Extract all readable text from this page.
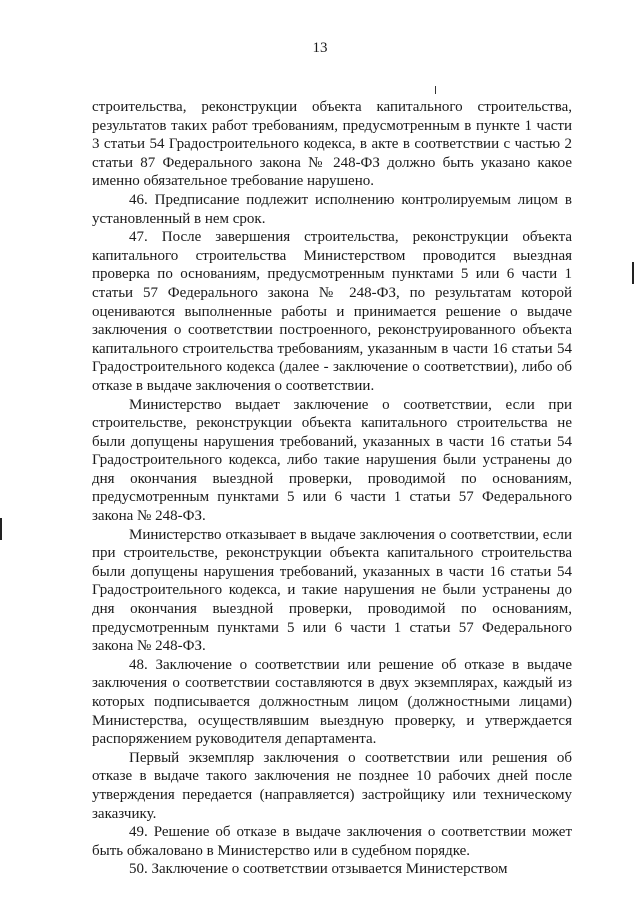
13

строительства, реконструкции объекта капитального строительства, результатов таких работ требованиям, предусмотренным в пункте 1 части 3 статьи 54 Градостроительного кодекса, в акте в соответствии с частью 2 статьи 87 Федерального закона № 248-ФЗ должно быть указано какое именно обязательное требование нарушено.

46. Предписание подлежит исполнению контролируемым лицом в установленный в нем срок.

47. После завершения строительства, реконструкции объекта капитального строительства Министерством проводится выездная проверка по основаниям, предусмотренным пунктами 5 или 6 части 1 статьи 57 Федерального закона № 248-ФЗ, по результатам которой оцениваются выполненные работы и принимается решение о выдаче заключения о соответствии построенного, реконструированного объекта капитального строительства требованиям, указанным в части 16 статьи 54 Градостроительного кодекса (далее - заключение о соответствии), либо об отказе в выдаче заключения о соответствии.

Министерство выдает заключение о соответствии, если при строительстве, реконструкции объекта капитального строительства не были допущены нарушения требований, указанных в части 16 статьи 54 Градостроительного кодекса, либо такие нарушения были устранены до дня окончания выездной проверки, проводимой по основаниям, предусмотренным пунктами 5 или 6 части 1 статьи 57 Федерального закона № 248-ФЗ.

Министерство отказывает в выдаче заключения о соответствии, если при строительстве, реконструкции объекта капитального строительства были допущены нарушения требований, указанных в части 16 статьи 54 Градостроительного кодекса, и такие нарушения не были устранены до дня окончания выездной проверки, проводимой по основаниям, предусмотренным пунктами 5 или 6 части 1 статьи 57 Федерального закона № 248-ФЗ.

48. Заключение о соответствии или решение об отказе в выдаче заключения о соответствии составляются в двух экземплярах, каждый из которых подписывается должностным лицом (должностными лицами) Министерства, осуществлявшим выездную проверку, и утверждается распоряжением руководителя департамента.

Первый экземпляр заключения о соответствии или решения об отказе в выдаче такого заключения не позднее 10 рабочих дней после утверждения передается (направляется) застройщику или техническому заказчику.

49. Решение об отказе в выдаче заключения о соответствии может быть обжаловано в Министерство или в судебном порядке.

50. Заключение о соответствии отзывается Министерством
